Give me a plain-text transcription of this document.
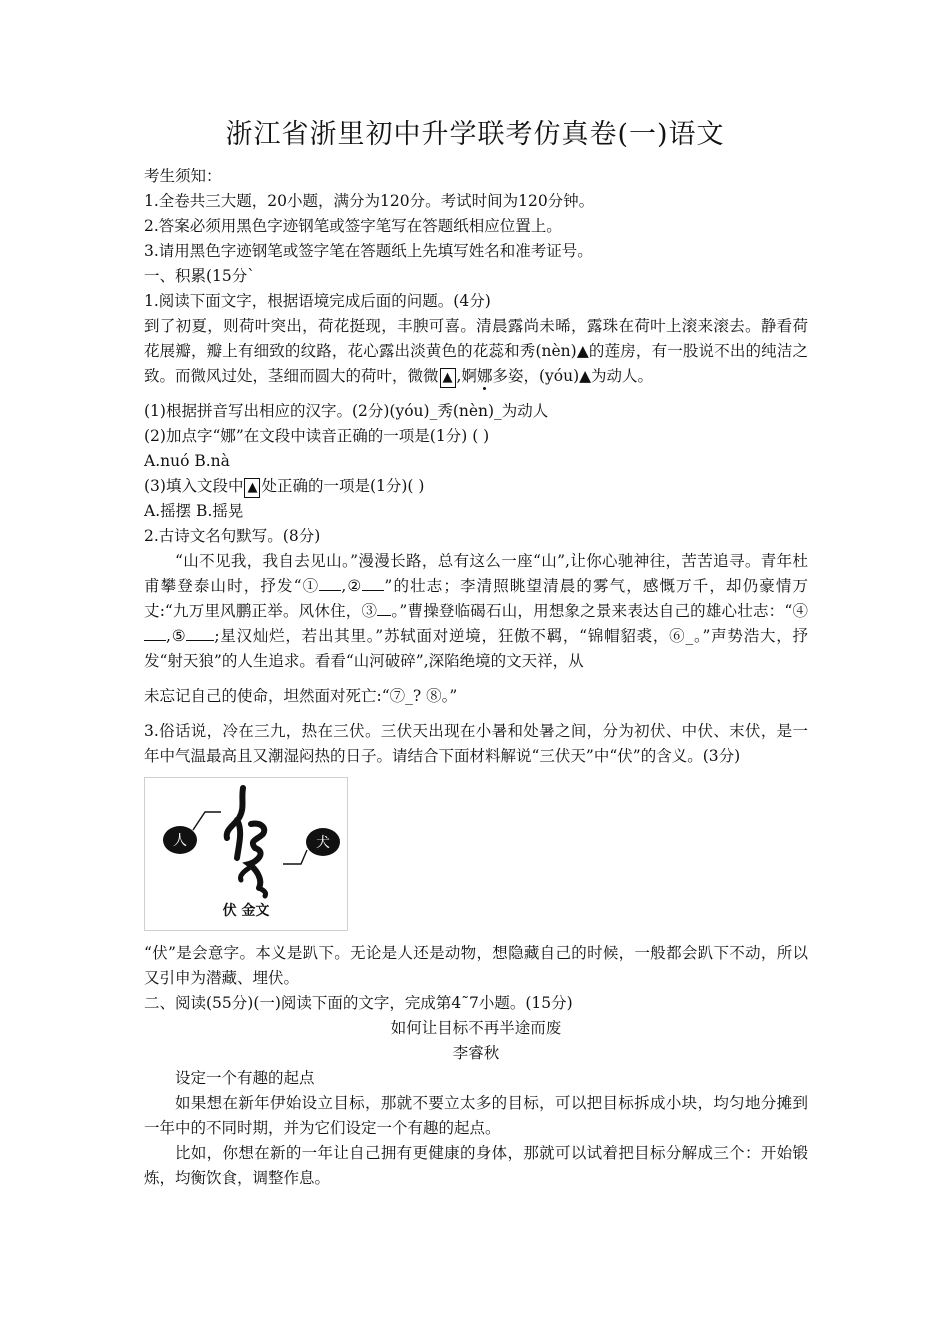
浙江省浙里初中升学联考仿真卷(一)语文

考生须知：

1.全卷共三大题，20小题，满分为120分。考试时间为120分钟。

2.答案必须用黑色字迹钢笔或签字笔写在答题纸相应位置上。

3.请用黑色字迹钢笔或签字笔在答题纸上先填写姓名和准考证号。

一、积累(15分`

1.阅读下面文字，根据语境完成后面的问题。(4分)

到了初夏，则荷叶突出，荷花挺现，丰腴可喜。清晨露尚未晞，露珠在荷叶上滚来滚去。静看荷花展瓣，瓣上有细致的纹路，花心露出淡黄色的花蕊和秀(nèn)▲的莲房，有一股说不出的纯洁之致。而微风过处，茎细而圆大的荷叶，微微 ▲ ,婀娜多姿，(yóu)▲为动人。

(1)根据拼音写出相应的汉字。(2分)(yóu)_秀(nèn)_为动人

(2)加点字“娜”在文段中读音正确的一项是(1分) ( )

A.nuó B.nà

(3)填入文段中 ▲ 处正确的一项是(1分)( )

A.摇摆 B.摇晃

2.古诗文名句默写。(8分)

“山不见我，我自去见山。”漫漫长路，总有这么一座“山”,让你心驰神往，苦苦追寻。青年杜甫攀登泰山时，抒发“① ,② ”的壮志；李清照眺望清晨的雾气，感慨万千，却仍豪情万丈:“九万里风鹏正举。风休住，③ 。”曹操登临碣石山，用想象之景来表达自己的雄心壮志：“④,⑤ ;星汉灿烂，若出其里。”苏轼面对逆境，狂傲不羁，“锦帽貂裘，⑥_。”声势浩大，抒发“射天狼”的人生追求。看看“山河破碎”,深陷绝境的文天祥，从

未忘记自己的使命，坦然面对死亡:“⑦_? ⑧。”

3.俗话说，冷在三九，热在三伏。三伏天出现在小暑和处暑之间，分为初伏、中伏、末伏，是一年中气温最高且又潮湿闷热的日子。请结合下面材料解说“三伏天”中“伏”的含义。(3分)

人	犬
伏 金文

“伏”是会意字。本义是趴下。无论是人还是动物，想隐藏自己的时候，一般都会趴下不动，所以又引申为潜藏、埋伏。

二、阅读(55分)(一)阅读下面的文字，完成第4˜7小题。(15分)

如何让目标不再半途而废

李睿秋

设定一个有趣的起点

如果想在新年伊始设立目标，那就不要立太多的目标，可以把目标拆成小块，均匀地分摊到一年中的不同时期，并为它们设定一个有趣的起点。

比如，你想在新的一年让自己拥有更健康的身体，那就可以试着把目标分解成三个：开始锻炼，均衡饮食，调整作息。
